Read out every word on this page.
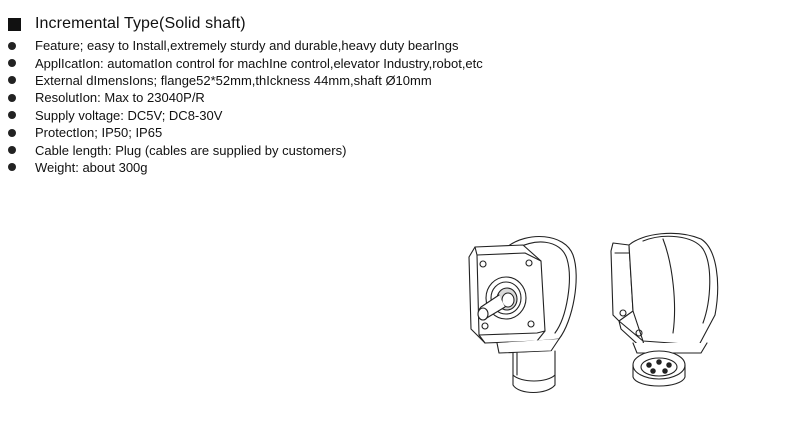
Incremental Type(Solid shaft)
Feature; easy to Install,extremely sturdy and durable,heavy duty bearIngs
ApplIcatIon: automatIon control for machIne control,elevator Industry,robot,etc
External dImensIons; flange52*52mm,thIckness 44mm,shaft Ø10mm
ResolutIon: Max to 23040P/R
Supply voltage: DC5V; DC8-30V
ProtectIon; IP50; IP65
Cable length: Plug (cables are supplied by customers)
Weight: about 300g
